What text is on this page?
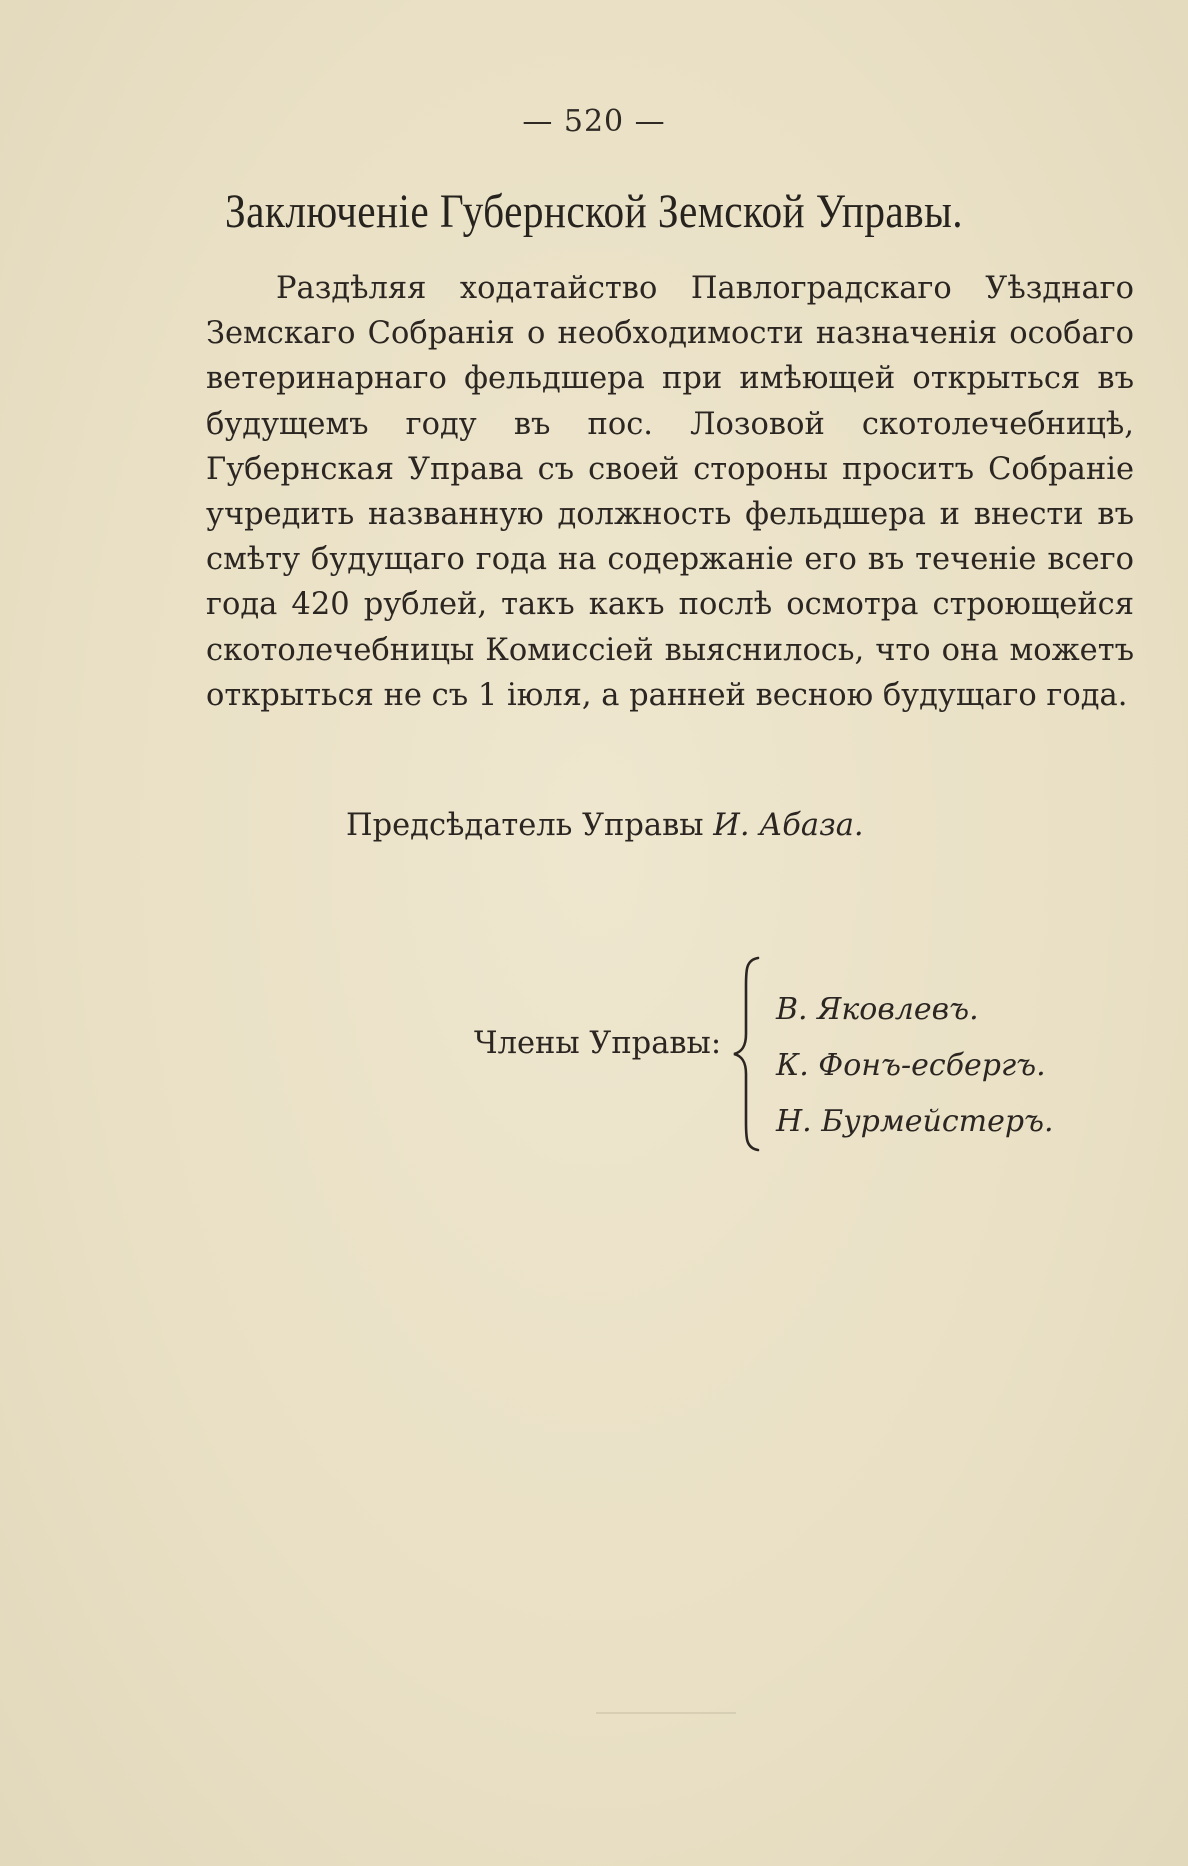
— 520 —
Заключеніе Губернской Земской Управы.

Раздѣляя ходатайство Павлоградскаго Уѣзднаго Земскаго Собранія о необходимости назначенія особаго ветеринарнаго фельдшера при имѣющей открыться въ будущемъ году въ пос. Лозовой скотолечебницѣ, Губернская Управа съ своей стороны проситъ Собраніе учредить названную должность фельдшера и внести въ смѣту будущаго года на содержаніе его въ теченіе всего года 420 рублей, такъ какъ послѣ осмотра строющейся скотолечебницы Комиссіей выяснилось, что она можетъ открыться не съ 1 іюля, а ранней весною будущаго года.

Предсѣдатель Управы И. Абаза.
Члены Управы:
В. Яковлевъ.
К. Фонъ-есбергъ.
Н. Бурмейстеръ.
